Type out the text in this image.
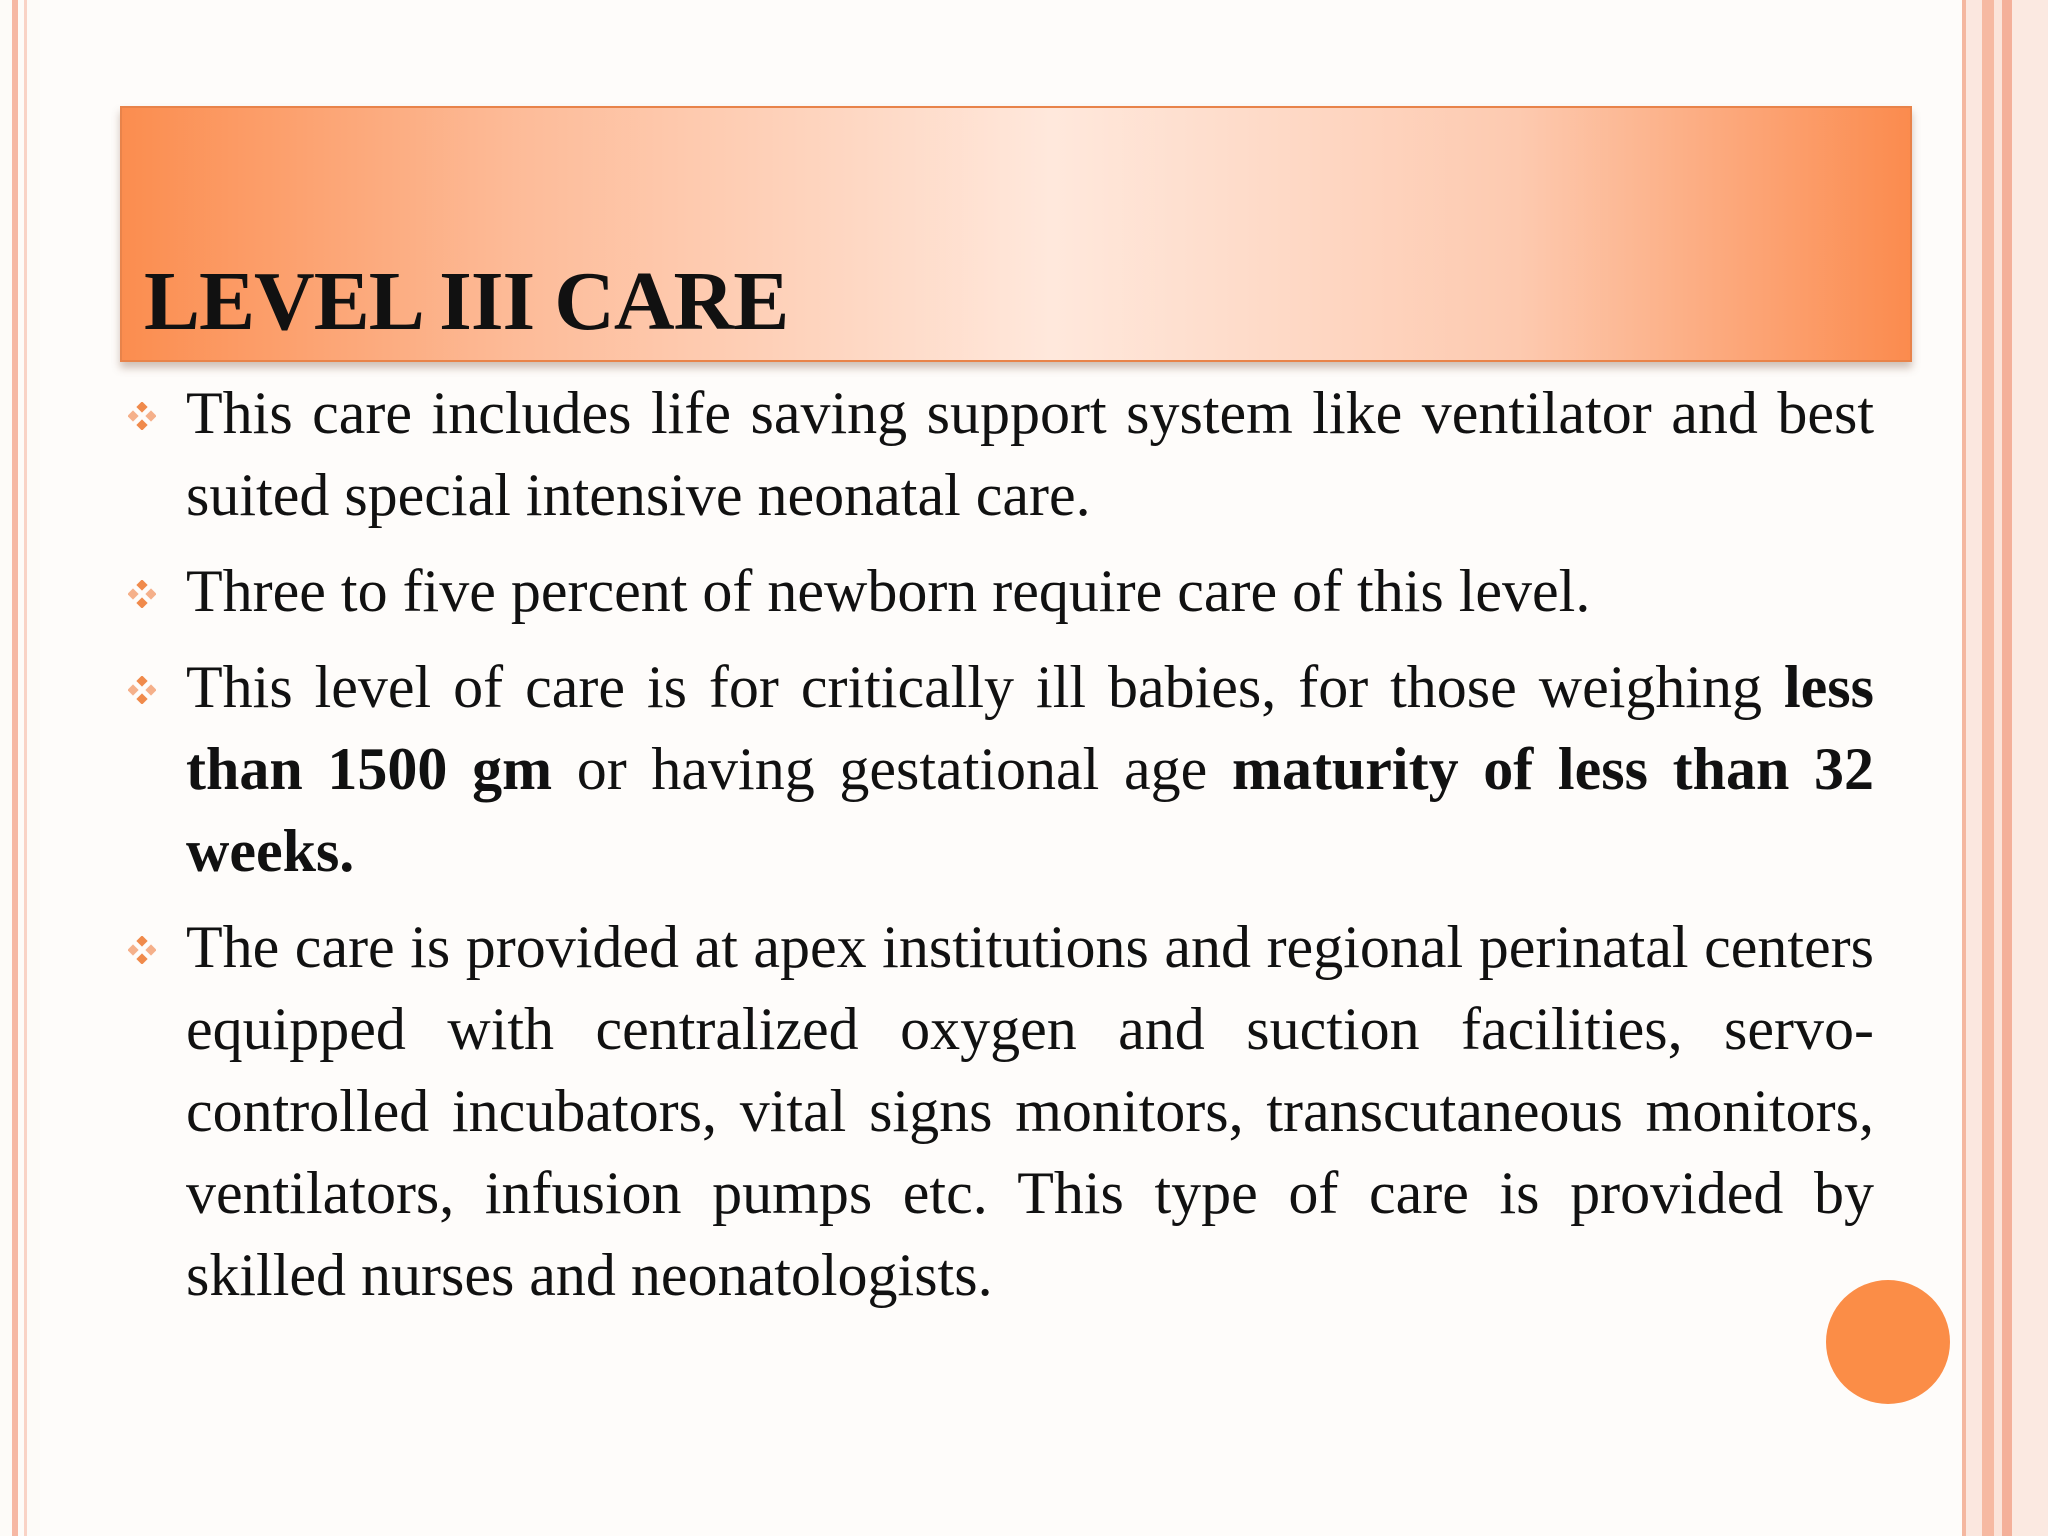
LEVEL III CARE
This care includes life saving support system like ventilator and best suited special intensive neonatal care.
Three to five percent of newborn require care of this level.
This level of care is for critically ill babies, for those weighing less than 1500 gm or having gestational age maturity of less than 32 weeks.
The care is provided at apex institutions and regional perinatal centers equipped with centralized oxygen and suction facilities, servo-controlled incubators, vital signs monitors, transcutaneous monitors, ventilators, infusion pumps etc. This type of care is provided by skilled nurses and neonatologists.
